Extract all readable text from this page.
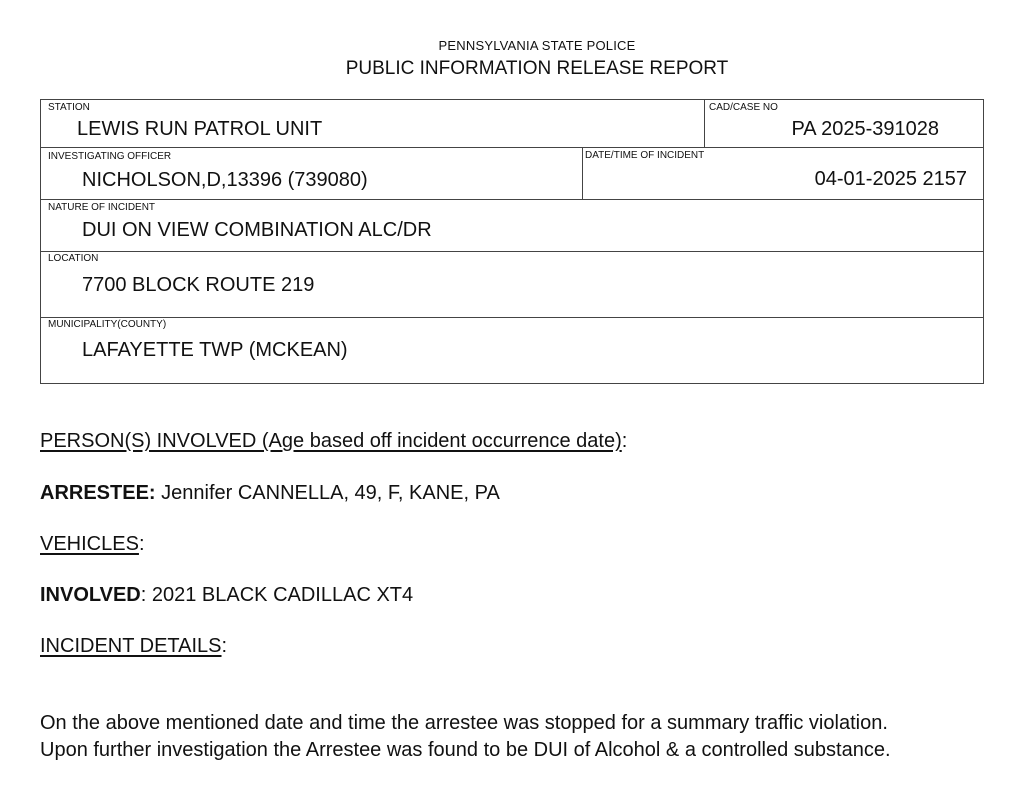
PENNSYLVANIA STATE POLICE
PUBLIC INFORMATION RELEASE REPORT
STATION
LEWIS RUN PATROL UNIT
CAD/CASE NO
PA 2025-391028
INVESTIGATING OFFICER
NICHOLSON,D,13396 (739080)
DATE/TIME OF INCIDENT
04-01-2025 2157
NATURE OF INCIDENT
DUI ON VIEW COMBINATION ALC/DR
LOCATION
7700 BLOCK ROUTE 219
MUNICIPALITY(COUNTY)
LAFAYETTE TWP (MCKEAN)
PERSON(S) INVOLVED (Age based off incident occurrence date):
ARRESTEE: Jennifer CANNELLA, 49, F, KANE, PA
VEHICLES:
INVOLVED: 2021 BLACK CADILLAC XT4
INCIDENT DETAILS:
On the above mentioned date and time the arrestee was stopped for a summary traffic violation.
Upon further investigation the Arrestee was found to be DUI of Alcohol & a controlled substance.
